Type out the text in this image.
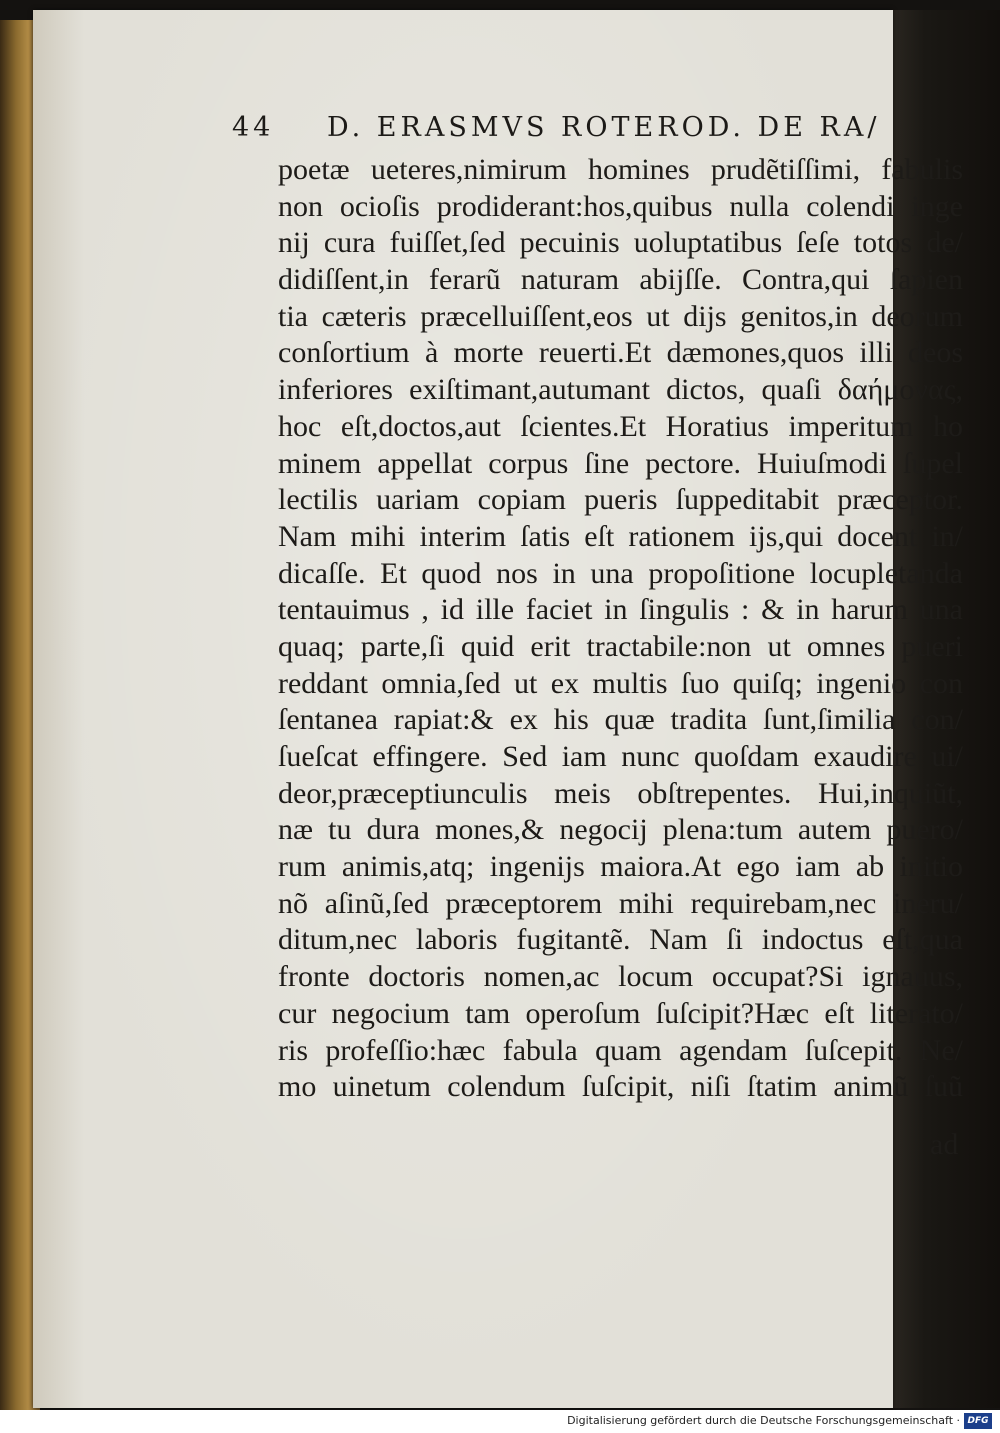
44 D. ERASMVS ROTEROD. DE RA/
poetæ ueteres,nimirum homines prudẽtiſſimi, fabulis
non ocioſis prodiderant:hos,quibus nulla colendi inge
nij cura fuiſſet,ſed pecuinis uoluptatibus ſeſe totos de/
didiſſent,in ferarũ naturam abijſſe. Contra,qui ſapien
tia cæteris præcelluiſſent,eos ut dijs genitos,in deorum
conſortium à morte reuerti.Et dæmones,quos illi deos
inferiores exiſtimant,autumant dictos, quaſi δαήμονας,
hoc eſt,doctos,aut ſcientes.Et Horatius imperitum ho
minem appellat corpus ſine pectore. Huiuſmodi ſupel
lectilis uariam copiam pueris ſuppeditabit præceptor.
Nam mihi interim ſatis eſt rationem ijs,qui docent in/
dicaſſe. Et quod nos in una propoſitione locupletanda
tentauimus , id ille faciet in ſingulis : & in harum una
quaq; parte,ſi quid erit tractabile:non ut omnes pueri
reddant omnia,ſed ut ex multis ſuo quiſq; ingenio con
ſentanea rapiat:& ex his quæ tradita ſunt,ſimilia con/
ſueſcat effingere. Sed iam nunc quoſdam exaudire ui/
deor,præceptiunculis meis obſtrepentes. Hui,inquiũt,
næ tu dura mones,& negocij plena:tum autem puero/
rum animis,atq; ingenijs maiora.At ego iam ab initio
nõ aſinũ,ſed præceptorem mihi requirebam,nec ineru/
ditum,nec laboris fugitantẽ. Nam ſi indoctus eſt,qua
fronte doctoris nomen,ac locum occupat?Si ignauus,
cur negocium tam operoſum ſuſcipit?Hæc eſt literato/
ris profeſſio:hæc fabula quam agendam ſuſcepit. Ne/
mo uinetum colendum ſuſcipit, niſi ſtatim animũ ſuũ
ad
Digitalisierung gefördert durch die Deutsche Forschungsgemeinschaft · DFG
